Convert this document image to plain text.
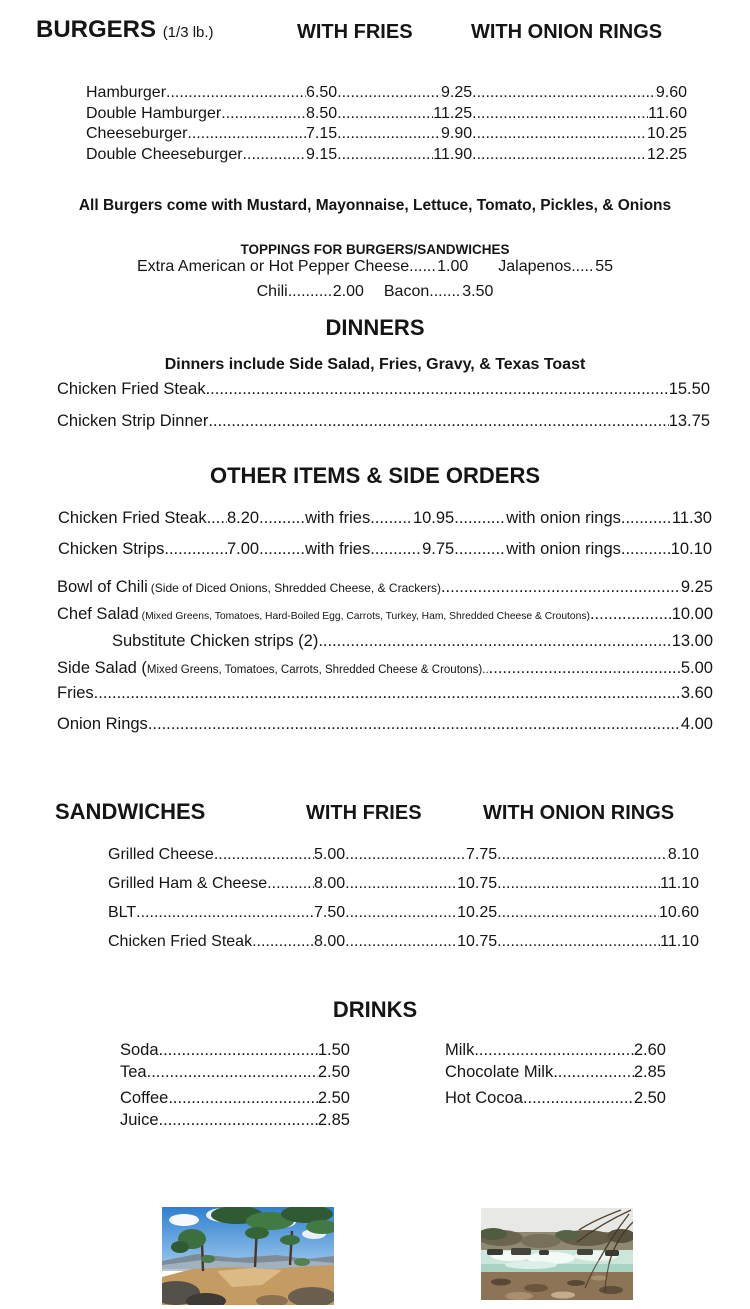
BURGERS (1/3 lb.)	WITH FRIES	WITH ONION RINGS
Hamburger .....	6.50 .....	9.25 .....	9.60
Double Hamburger .....	8.50 .....	11.25 .....	11.60
Cheeseburger .....	7.15 .....	9.90 .....	10.25
Double Cheeseburger .....	9.15 .....	11.90 .....	12.25
All Burgers come with Mustard, Mayonnaise, Lettuce, Tomato, Pickles, & Onions
TOPPINGS FOR BURGERS/SANDWICHES
Extra American or Hot Pepper Cheese ..... 1.00 Jalapenos ..... 55
Chili .....	2.00 Bacon ..... 3.50
DINNERS
Dinners include Side Salad, Fries, Gravy, & Texas Toast
Chicken Fried Steak .....	15.50
Chicken Strip Dinner .....	13.75
OTHER ITEMS & SIDE ORDERS
Chicken Fried Steak ..... 8.20 .....	with fries .....	10.95 .....	with onion rings .....	11.30
Chicken Strips .....	7.00 .....	with fries .....	9.75 .....	with onion rings .....	10.10
Bowl of Chili (Side of Diced Onions, Shredded Cheese, & Crackers) .....	9.25
Chef Salad (Mixed Greens, Tomatoes, Hard-Boiled Egg, Carrots, Turkey, Ham, Shredded Cheese & Croutons) .....	10.00
Substitute Chicken strips (2) .....	13.00
Side Salad ( Mixed Greens, Tomatoes, Carrots, Shredded Cheese & Croutons).. .....	5.00
Fries .....	3.60
Onion Rings .....	4.00
SANDWICHES	WITH FRIES	WITH ONION RINGS
Grilled Cheese .....	5.00 .....	7.75 .....	8.10
Grilled Ham & Cheese .....	8.00 .....	10.75 .....	11.10
BLT .....	7.50 .....	10.25 .....	10.60
Chicken Fried Steak .....	8.00 .....	10.75 .....	11.10
DRINKS
Soda .....	1.50
Tea .....	2.50
Coffee .....	2.50
Juice .....	2.85
Milk .....	2.60
Chocolate Milk .....	2.85
Hot Cocoa .....	2.50
